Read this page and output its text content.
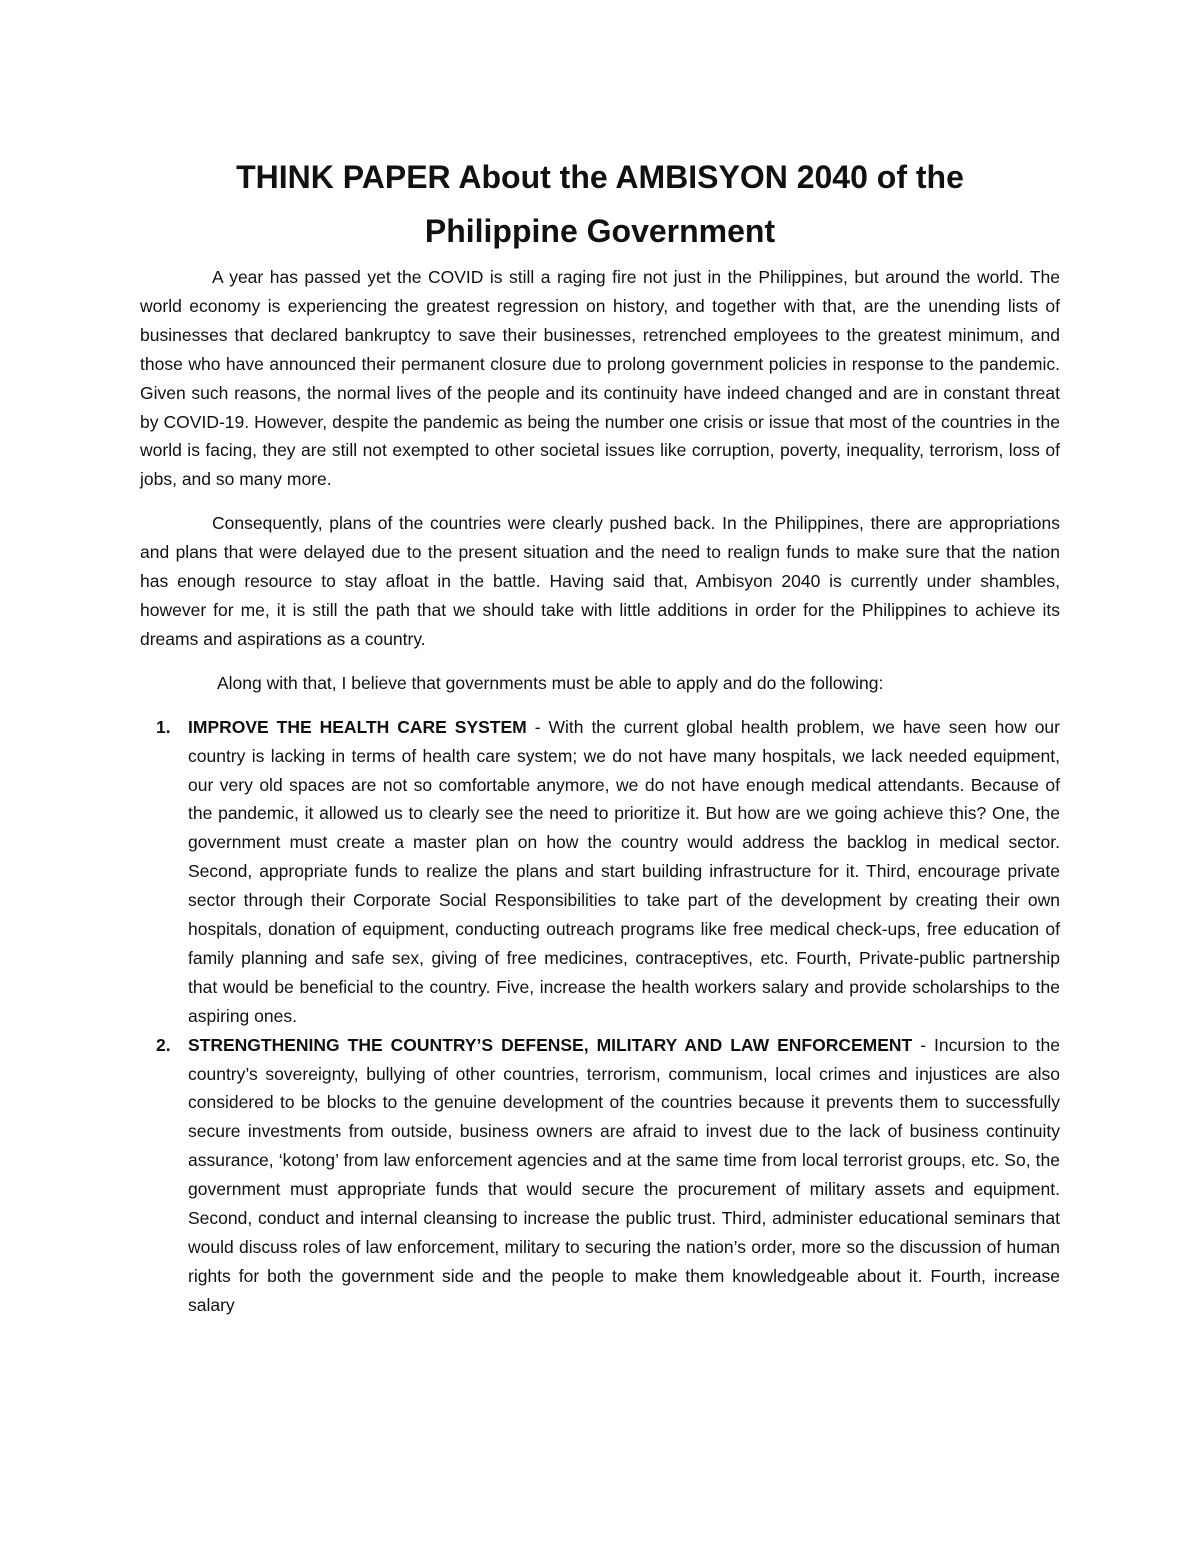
THINK PAPER About the AMBISYON 2040 of the
Philippine Government

A year has passed yet the COVID is still a raging fire not just in the Philippines, but around the world. The world economy is experiencing the greatest regression on history, and together with that, are the unending lists of businesses that declared bankruptcy to save their businesses, retrenched employees to the greatest minimum, and those who have announced their permanent closure due to prolong government policies in response to the pandemic. Given such reasons, the normal lives of the people and its continuity have indeed changed and are in constant threat by COVID-19. However, despite the pandemic as being the number one crisis or issue that most of the countries in the world is facing, they are still not exempted to other societal issues like corruption, poverty, inequality, terrorism, loss of jobs, and so many more.

Consequently, plans of the countries were clearly pushed back. In the Philippines, there are appropriations and plans that were delayed due to the present situation and the need to realign funds to make sure that the nation has enough resource to stay afloat in the battle. Having said that, Ambisyon 2040 is currently under shambles, however for me, it is still the path that we should take with little additions in order for the Philippines to achieve its dreams and aspirations as a country.

Along with that, I believe that governments must be able to apply and do the following:

1. IMPROVE THE HEALTH CARE SYSTEM - With the current global health problem, we have seen how our country is lacking in terms of health care system; we do not have many hospitals, we lack needed equipment, our very old spaces are not so comfortable anymore, we do not have enough medical attendants. Because of the pandemic, it allowed us to clearly see the need to prioritize it. But how are we going achieve this? One, the government must create a master plan on how the country would address the backlog in medical sector. Second, appropriate funds to realize the plans and start building infrastructure for it. Third, encourage private sector through their Corporate Social Responsibilities to take part of the development by creating their own hospitals, donation of equipment, conducting outreach programs like free medical check-ups, free education of family planning and safe sex, giving of free medicines, contraceptives, etc. Fourth, Private-public partnership that would be beneficial to the country. Five, increase the health workers salary and provide scholarships to the aspiring ones.
2. STRENGTHENING THE COUNTRY’S DEFENSE, MILITARY AND LAW ENFORCEMENT - Incursion to the country’s sovereignty, bullying of other countries, terrorism, communism, local crimes and injustices are also considered to be blocks to the genuine development of the countries because it prevents them to successfully secure investments from outside, business owners are afraid to invest due to the lack of business continuity assurance, ‘kotong’ from law enforcement agencies and at the same time from local terrorist groups, etc. So, the government must appropriate funds that would secure the procurement of military assets and equipment. Second, conduct and internal cleansing to increase the public trust. Third, administer educational seminars that would discuss roles of law enforcement, military to securing the nation’s order, more so the discussion of human rights for both the government side and the people to make them knowledgeable about it. Fourth, increase salary
